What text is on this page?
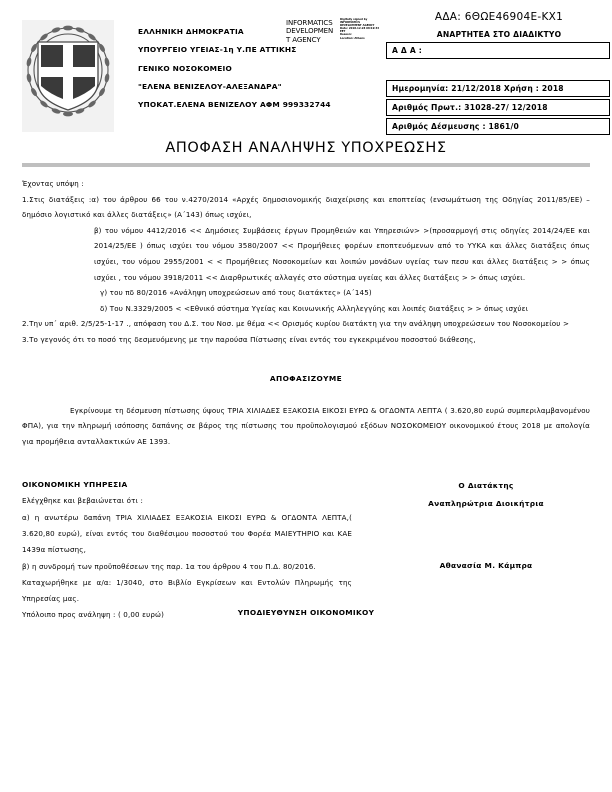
ΕΛΛΗΝΙΚΗ ΔΗΜΟΚΡΑΤΙΑ
ΥΠΟΥΡΓΕΙΟ ΥΓΕΙΑΣ-1η Υ.ΠΕ ΑΤΤΙΚΗΣ
ΓΕΝΙΚΟ ΝΟΣΟΚΟΜΕΙΟ
"ΕΛΕΝΑ ΒΕΝΙΖΕΛΟΥ-ΑΛΕΞΑΝΔΡΑ"
ΥΠΟΚΑΤ.ΕΛΕΝΑ ΒΕΝΙΖΕΛΟΥ ΑΦΜ 999332744
INFORMATICS
DEVELOPMEN
T AGENCY
Digitally signed by
INFORMATICS
DEVELOPMENT AGENCY
Date: 2018.12.28 08:19:33
EET
Reason:
Location: Athens
ΑΔΑ: 6ΘΩΕ46904Ε-ΚΧ1
ΑΝΑΡΤΗΤΕΑ ΣΤΟ ΔΙΑΔΙΚΤΥΟ
Α Δ Α :
Ημερομηνία: 21/12/2018 Χρήση : 2018
Αριθμός Πρωτ.: 31028-27/ 12/2018
Αριθμός Δέσμευσης : 1861/0
ΑΠΟΦΑΣΗ ΑΝΑΛΗΨΗΣ ΥΠΟΧΡΕΩΣΗΣ

Έχοντας υπόψη :

1.Στις διατάξεις :α) του άρθρου 66 του ν.4270/2014 «Αρχές δημοσιονομικής διαχείρισης και εποπτείας (ενσωμάτωση της Οδηγίας 2011/85/ΕΕ) – δημόσιο λογιστικό και άλλες διατάξεις» (Α΄143) όπως ισχύει,

β) του νόμου 4412/2016 << Δημόσιες Συμβάσεις έργων Προμηθειών και Υπηρεσιών> >(προσαρμογή στις οδηγίες 2014/24/ΕΕ και 2014/25/ΕΕ ) όπως ισχύει του νόμου 3580/2007 << Προμήθειες φορέων εποπτευόμενων από το ΥΥΚΑ και άλλες διατάξεις όπως ισχύει, του νόμου 2955/2001 < < Προμήθειες Νοσοκομείων και λοιπών μονάδων υγείας των πεσυ και άλλες διατάξεις > > όπως ισχύει , του νόμου 3918/2011 << Διαρθρωτικές αλλαγές στο σύστημα υγείας και άλλες διατάξεις > > όπως ισχύει.

γ) του πδ 80/2016 «Ανάληψη υποχρεώσεων από τους διατάκτες» (Α΄145)

δ) Του Ν.3329/2005 < <Εθνικό σύστημα Υγείας και Κοινωνικής Αλληλεγγύης και λοιπές διατάξεις > > όπως ισχύει

2.Την υπ΄ αριθ. 2/5/25-1-17 ., απόφαση του Δ.Σ. του Νοσ. με θέμα << Ορισμός κυρίου διατάκτη για την ανάληψη υποχρεώσεων του Νοσοκομείου >

3.Το γεγονός ότι το ποσό της δεσμευόμενης με την παρούσα Πίστωσης είναι εντός του εγκεκριμένου ποσοστού διάθεσης,

ΑΠΟΦΑΣΙΖΟΥΜΕ

Εγκρίνουμε τη δέσμευση πίστωσης ύψους ΤΡΙΑ ΧΙΛΙΑΔΕΣ ΕΞΑΚΟΣΙΑ ΕΙΚΟΣΙ ΕΥΡΩ & ΟΓΔΟΝΤΑ ΛΕΠΤΑ ( 3.620,80 ευρώ συμπεριλαμβανομένου ΦΠΑ), για την πληρωμή ισόποσης δαπάνης σε βάρος της πίστωσης του προϋπολογισμού εξόδων ΝΟΣΟΚΟΜΕΙΟΥ οικονομικού έτους 2018 με απολογία για προμήθεια ανταλλακτικών ΑΕ 1393.

ΟΙΚΟΝΟΜΙΚΗ ΥΠΗΡΕΣΙΑ

Ελέγχθηκε και βεβαιώνεται ότι :

α) η ανωτέρω δαπάνη ΤΡΙΑ ΧΙΛΙΑΔΕΣ ΕΞΑΚΟΣΙΑ ΕΙΚΟΣΙ ΕΥΡΩ & ΟΓΔΟΝΤΑ ΛΕΠΤΑ,( 3.620,80 ευρώ), είναι εντός του διαθέσιμου ποσοστού του Φορέα ΜΑΙΕΥΤΗΡΙΟ και ΚΑΕ 1439α πίστωσης,

β) η συνδρομή των προϋποθέσεων της παρ. 1α του άρθρου 4 του Π.Δ. 80/2016.

Καταχωρήθηκε με α/α: 1/3040, στο Βιβλίο Εγκρίσεων και Εντολών Πληρωμής της Υπηρεσίας μας.

Υπόλοιπο προς ανάληψη : ( 0,00 ευρώ)

Ο Διατάκτης

Αναπληρώτρια Διοικήτρια

Αθανασία Μ. Κάμπρα

ΥΠΟΔΙΕΥΘΥΝΣΗ ΟΙΚΟΝΟΜΙΚΟΥ
